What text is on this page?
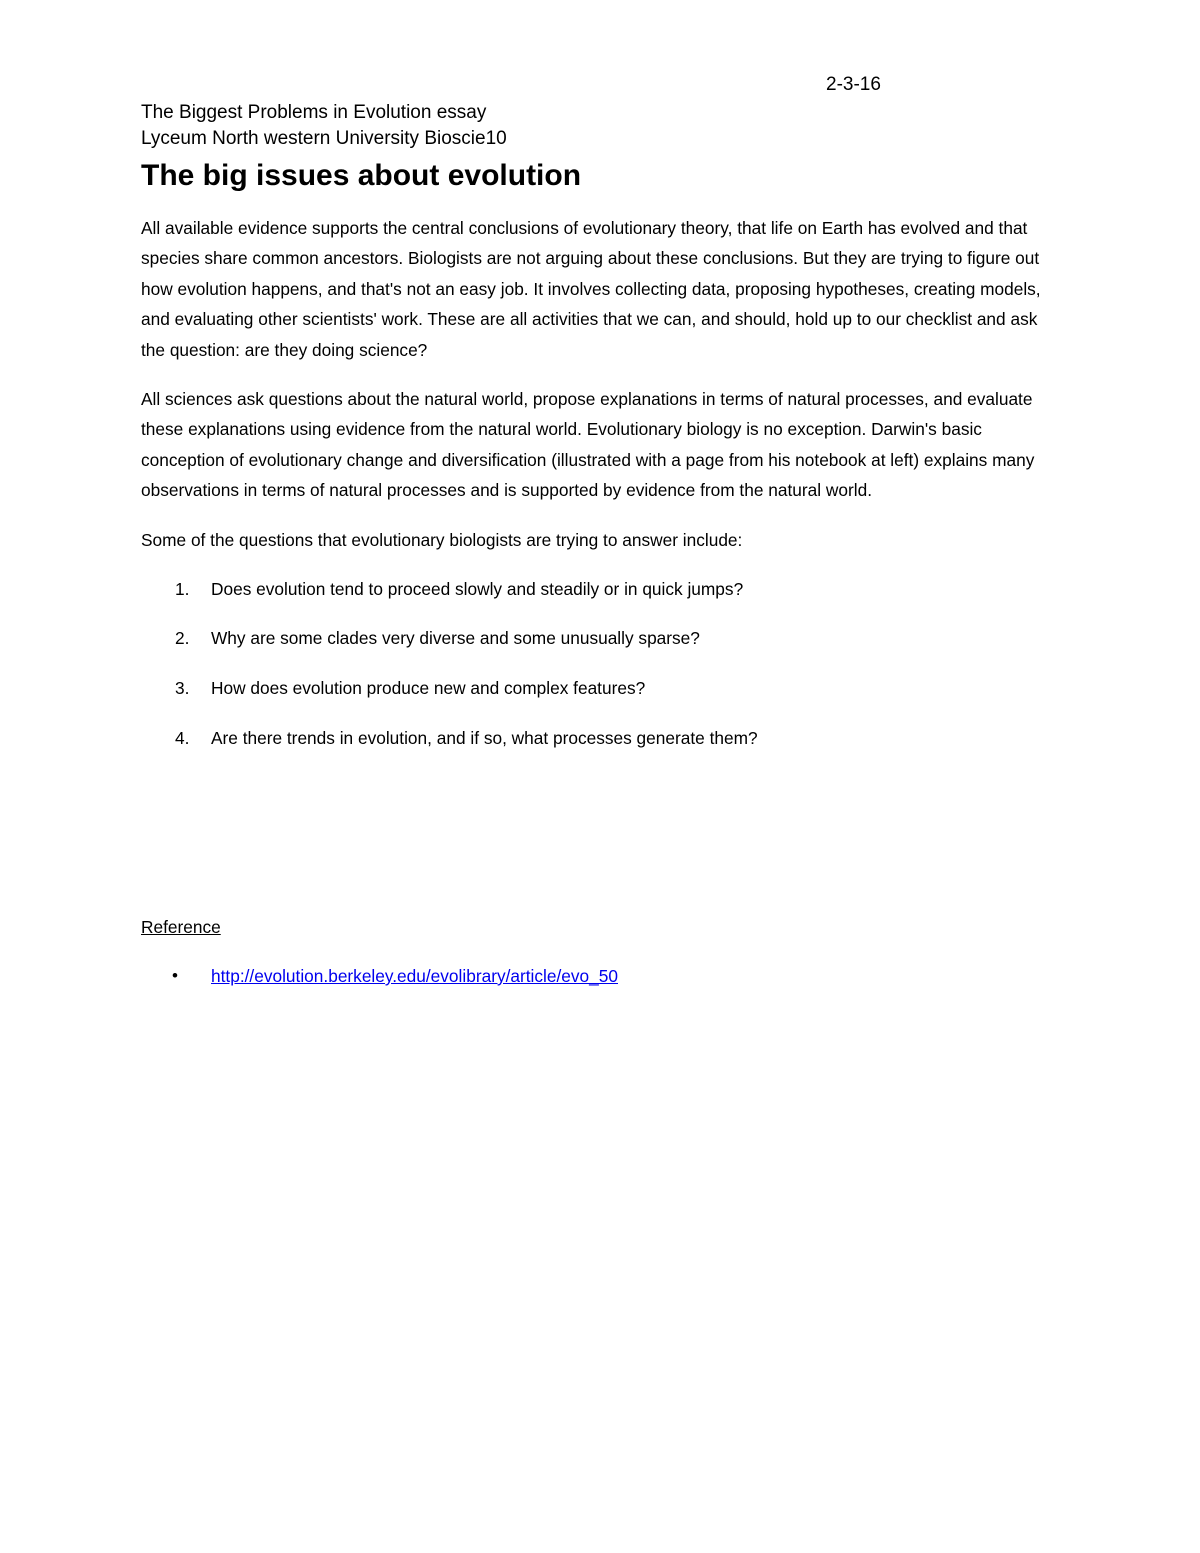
2-3-16

The Biggest Problems in Evolution essay

Lyceum North western University Bioscie10

The big issues about evolution

All available evidence supports the central conclusions of evolutionary theory, that life on Earth has evolved and that species share common ancestors. Biologists are not arguing about these conclusions. But they are trying to figure out how evolution happens, and that's not an easy job. It involves collecting data, proposing hypotheses, creating models, and evaluating other scientists' work. These are all activities that we can, and should, hold up to our checklist and ask the question: are they doing science?

All sciences ask questions about the natural world, propose explanations in terms of natural processes, and evaluate these explanations using evidence from the natural world. Evolutionary biology is no exception. Darwin's basic conception of evolutionary change and diversification (illustrated with a page from his notebook at left) explains many observations in terms of natural processes and is supported by evidence from the natural world.

Some of the questions that evolutionary biologists are trying to answer include:

1. Does evolution tend to proceed slowly and steadily or in quick jumps?
2. Why are some clades very diverse and some unusually sparse?
3. How does evolution produce new and complex features?
4. Are there trends in evolution, and if so, what processes generate them?

Reference

• http://evolution.berkeley.edu/evolibrary/article/evo_50
